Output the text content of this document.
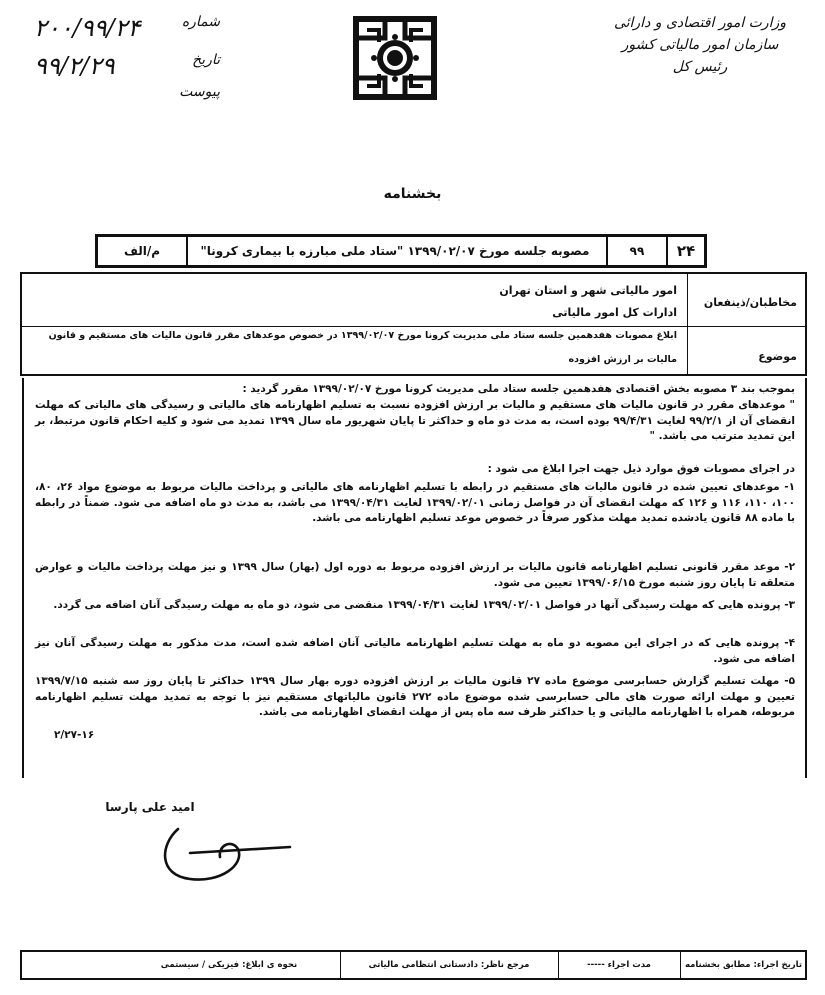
وزارت امور اقتصادی و دارائی
سازمان امور مالیاتی کشور
رئیس کل
شماره
۲۰۰/۹۹/۲۴
تاریخ
۹۹/۲/۲۹
پیوست
بخشنامه
۲۴
۹۹
مصوبه جلسه مورخ ۱۳۹۹/۰۲/۰۷ "ستاد ملی مبارزه با بیماری کرونا"
م/الف
مخاطبان/ذینفعان
امور مالیاتی شهر و استان تهران
ادارات کل امور مالیاتی
موضوع
ابلاغ مصوبات هفدهمین جلسه ستاد ملی مدیریت کرونا مورخ ۱۳۹۹/۰۲/۰۷ در خصوص موعدهای مقرر قانون مالیات های مستقیم و قانون
مالیات بر ارزش افزوده
بموجب بند ۳ مصوبه بخش اقتصادی هفدهمین جلسه ستاد ملی مدیریت کرونا مورخ ۱۳۹۹/۰۲/۰۷ مقرر گردید :
" موعدهای مقرر در قانون مالیات های مستقیم و مالیات بر ارزش افزوده نسبت به تسلیم اظهارنامه های مالیاتی و رسیدگی های مالیاتی که مهلت انقضای آن از ۹۹/۲/۱ لغایت ۹۹/۴/۳۱ بوده است، به مدت دو ماه و حداکثر تا پایان شهریور ماه سال ۱۳۹۹ تمدید می شود و کلیه احکام قانون مرتبط، بر این تمدید مترتب می باشد. "
در اجرای مصوبات فوق موارد ذیل جهت اجرا ابلاغ می شود :
۱- موعدهای تعیین شده در قانون مالیات های مستقیم در رابطه با تسلیم اظهارنامه های مالیاتی و پرداخت مالیات مربوط به موضوع مواد ۲۶، ۸۰، ۱۰۰، ۱۱۰، ۱۱۶ و ۱۲۶ که مهلت انقضای آن در فواصل زمانی ۱۳۹۹/۰۲/۰۱ لغایت ۱۳۹۹/۰۴/۳۱ می باشد، به مدت دو ماه اضافه می شود. ضمناً در رابطه با ماده ۸۸ قانون یادشده تمدید مهلت مذکور صرفاً در خصوص موعد تسلیم اظهارنامه می باشد.
۲- موعد مقرر قانونی تسلیم اظهارنامه قانون مالیات بر ارزش افزوده مربوط به دوره اول (بهار) سال ۱۳۹۹ و نیز مهلت پرداخت مالیات و عوارض متعلقه تا پایان روز شنبه مورخ ۱۳۹۹/۰۶/۱۵ تعیین می شود.
۳- پرونده هایی که مهلت رسیدگی آنها در فواصل ۱۳۹۹/۰۲/۰۱ لغایت ۱۳۹۹/۰۴/۳۱ منقضی می شود، دو ماه به مهلت رسیدگی آنان اضافه می گردد.
۴- پرونده هایی که در اجرای این مصوبه دو ماه به مهلت تسلیم اظهارنامه مالیاتی آنان اضافه شده است، مدت مذکور به مهلت رسیدگی آنان نیز اضافه می شود.
۵- مهلت تسلیم گزارش حسابرسی موضوع ماده ۲۷ قانون مالیات بر ارزش افزوده دوره بهار سال ۱۳۹۹ حداکثر تا پایان روز سه شنبه ۱۳۹۹/۷/۱۵ تعیین و مهلت ارائه صورت های مالی حسابرسی شده موضوع ماده ۲۷۲ قانون مالیاتهای مستقیم نیز با توجه به تمدید مهلت تسلیم اظهارنامه مربوطه، همراه با اظهارنامه مالیاتی و یا حداکثر ظرف سه ماه پس از مهلت انقضای اظهارنامه می باشد.
۲/۲۷-۱۶
امید علی پارسا
تاریخ اجراء: مطابق بخشنامه
مدت اجراء -----
مرجع ناظر: دادستانی انتظامی مالیاتی
نحوه ی ابلاغ: فیزیکی / سیستمی
